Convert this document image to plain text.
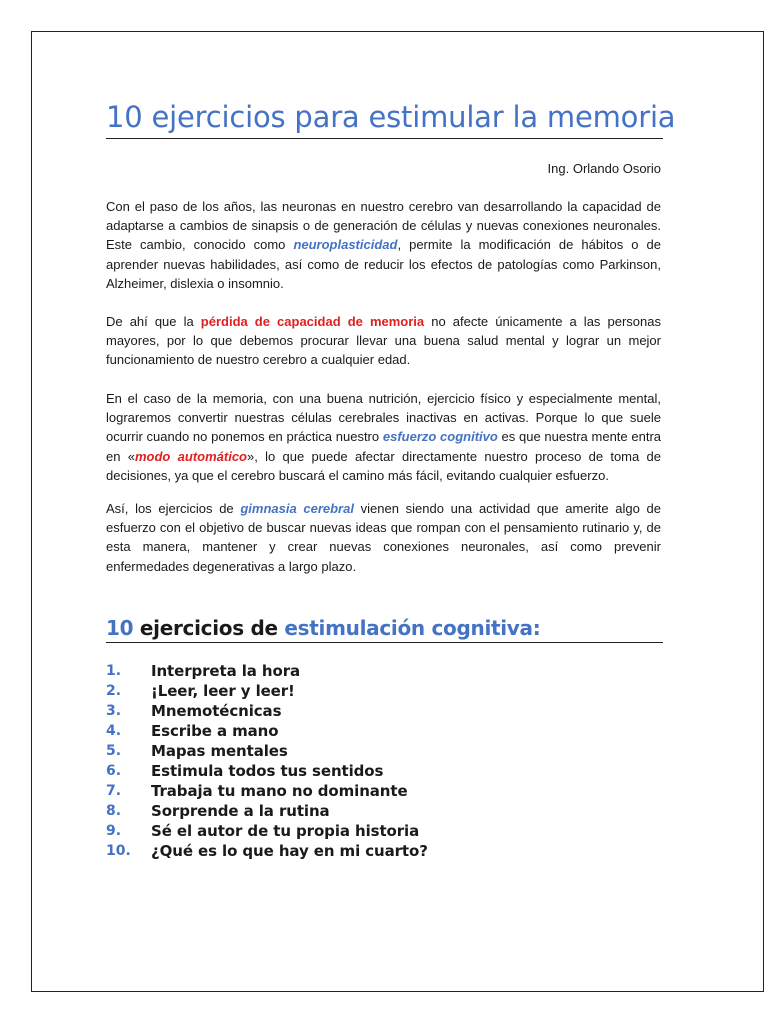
10 ejercicios para estimular la memoria
Ing. Orlando Osorio

Con el paso de los años, las neuronas en nuestro cerebro van desarrollando la capacidad de adaptarse a cambios de sinapsis o de generación de células y nuevas conexiones neuronales. Este cambio, conocido como neuroplasticidad, permite la modificación de hábitos o de aprender nuevas habilidades, así como de reducir los efectos de patologías como Parkinson, Alzheimer, dislexia o insomnio.

De ahí que la pérdida de capacidad de memoria no afecte únicamente a las personas mayores, por lo que debemos procurar llevar una buena salud mental y lograr un mejor funcionamiento de nuestro cerebro a cualquier edad.

En el caso de la memoria, con una buena nutrición, ejercicio físico y especialmente mental, lograremos convertir nuestras células cerebrales inactivas en activas. Porque lo que suele ocurrir cuando no ponemos en práctica nuestro esfuerzo cognitivo es que nuestra mente entra en «modo automático», lo que puede afectar directamente nuestro proceso de toma de decisiones, ya que el cerebro buscará el camino más fácil, evitando cualquier esfuerzo.

Así, los ejercicios de gimnasia cerebral vienen siendo una actividad que amerite algo de esfuerzo con el objetivo de buscar nuevas ideas que rompan con el pensamiento rutinario y, de esta manera, mantener y crear nuevas conexiones neuronales, así como prevenir enfermedades degenerativas a largo plazo.

10 ejercicios de estimulación cognitiva:
1.	Interpreta la hora
2.	¡Leer, leer y leer!
3.	Mnemotécnicas
4.	Escribe a mano
5.	Mapas mentales
6.	Estimula todos tus sentidos
7.	Trabaja tu mano no dominante
8.	Sorprende a la rutina
9.	Sé el autor de tu propia historia
10.	¿Qué es lo que hay en mi cuarto?
